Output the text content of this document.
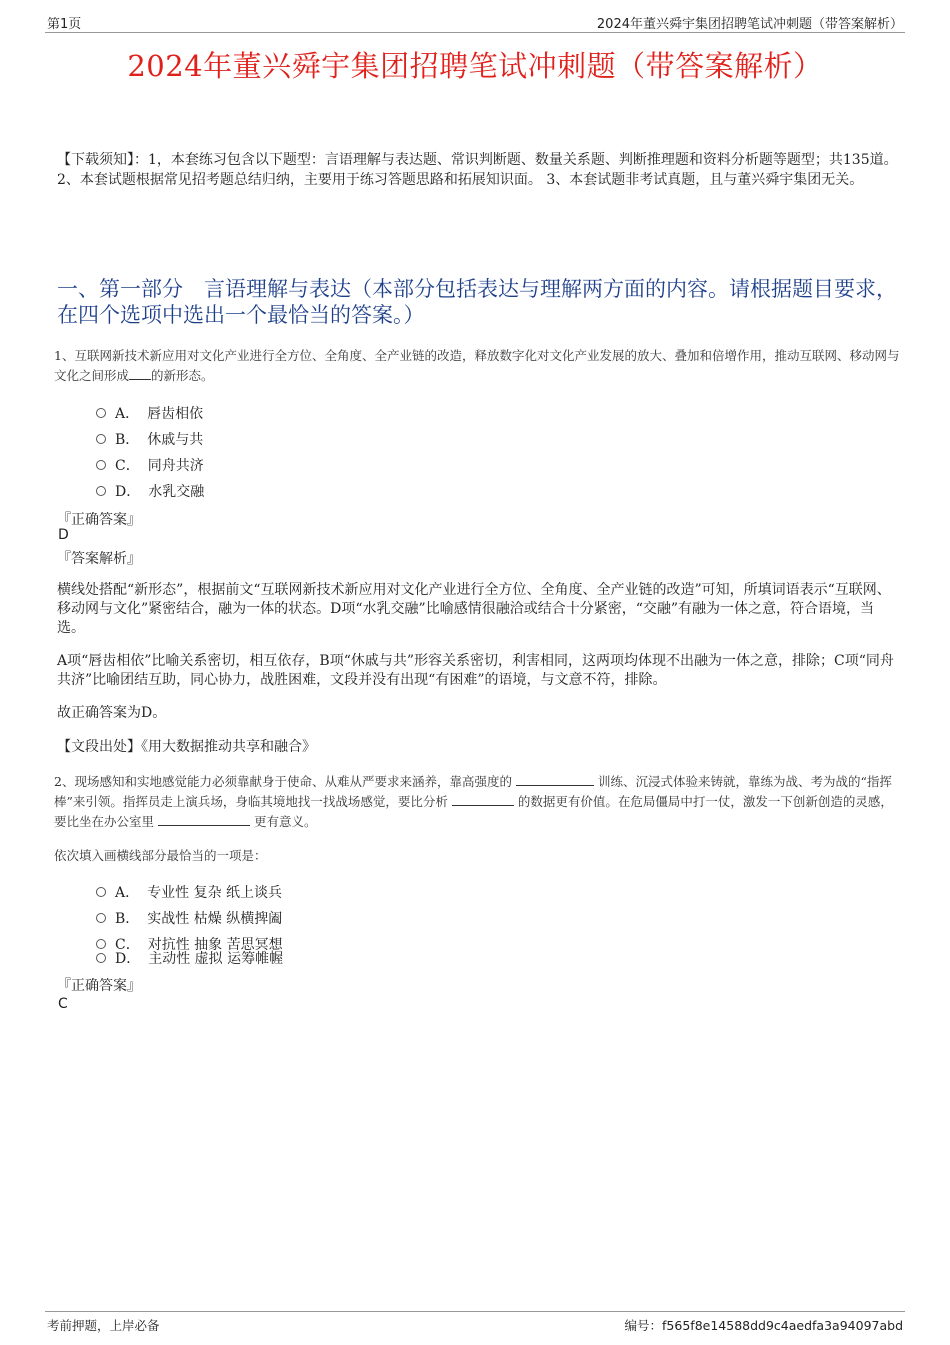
第1页	2024年董兴舜宇集团招聘笔试冲刺题（带答案解析）
2024年董兴舜宇集团招聘笔试冲刺题（带答案解析）
【下载须知】：1，本套练习包含以下题型：言语理解与表达题、常识判断题、数量关系题、判断推理题和资料分析题等题型；共135道。 2、本套试题根据常见招考题总结归纳，主要用于练习答题思路和拓展知识面。 3、本套试题非考试真题，且与董兴舜宇集团无关。
一、第一部分　言语理解与表达（本部分包括表达与理解两方面的内容。请根据题目要求，在四个选项中选出一个最恰当的答案。）
1、互联网新技术新应用对文化产业进行全方位、全角度、全产业链的改造，释放数字化对文化产业发展的放大、叠加和倍增作用，推动互联网、移动网与文化之间形成 的新形态。
A． 唇齿相依
B． 休戚与共
C． 同舟共济
D． 水乳交融
『正确答案』
D
『答案解析』
横线处搭配“新形态”，根据前文“互联网新技术新应用对文化产业进行全方位、全角度、全产业链的改造”可知，所填词语表示“互联网、移动网与文化”紧密结合，融为一体的状态。D项“水乳交融”比喻感情很融洽或结合十分紧密，“交融”有融为一体之意，符合语境，当选。
A项“唇齿相依”比喻关系密切，相互依存，B项“休戚与共”形容关系密切，利害相同，这两项均体现不出融为一体之意，排除；C项“同舟共济”比喻团结互助，同心协力，战胜困难，文段并没有出现“有困难”的语境，与文意不符，排除。
故正确答案为D。
【文段出处】《用大数据推动共享和融合》
2、现场感知和实地感觉能力必须靠献身于使命、从难从严要求来涵养，靠高强度的	训练、沉浸式体验来铸就，靠练为战、考为战的“指挥棒”来引领。指挥员走上演兵场，身临其境地找一找战场感觉，要比分析	的数据更有价值。在危局僵局中打一仗，激发一下创新创造的灵感，要比坐在办公室里	更有意义。
依次填入画横线部分最恰当的一项是：
A． 专业性 复杂 纸上谈兵
B． 实战性 枯燥 纵横捭阖
C． 对抗性 抽象 苦思冥想
D． 主动性 虚拟 运筹帷幄
『正确答案』
C
考前押题，上岸必备	编号：f565f8e14588dd9c4aedfa3a94097abd
